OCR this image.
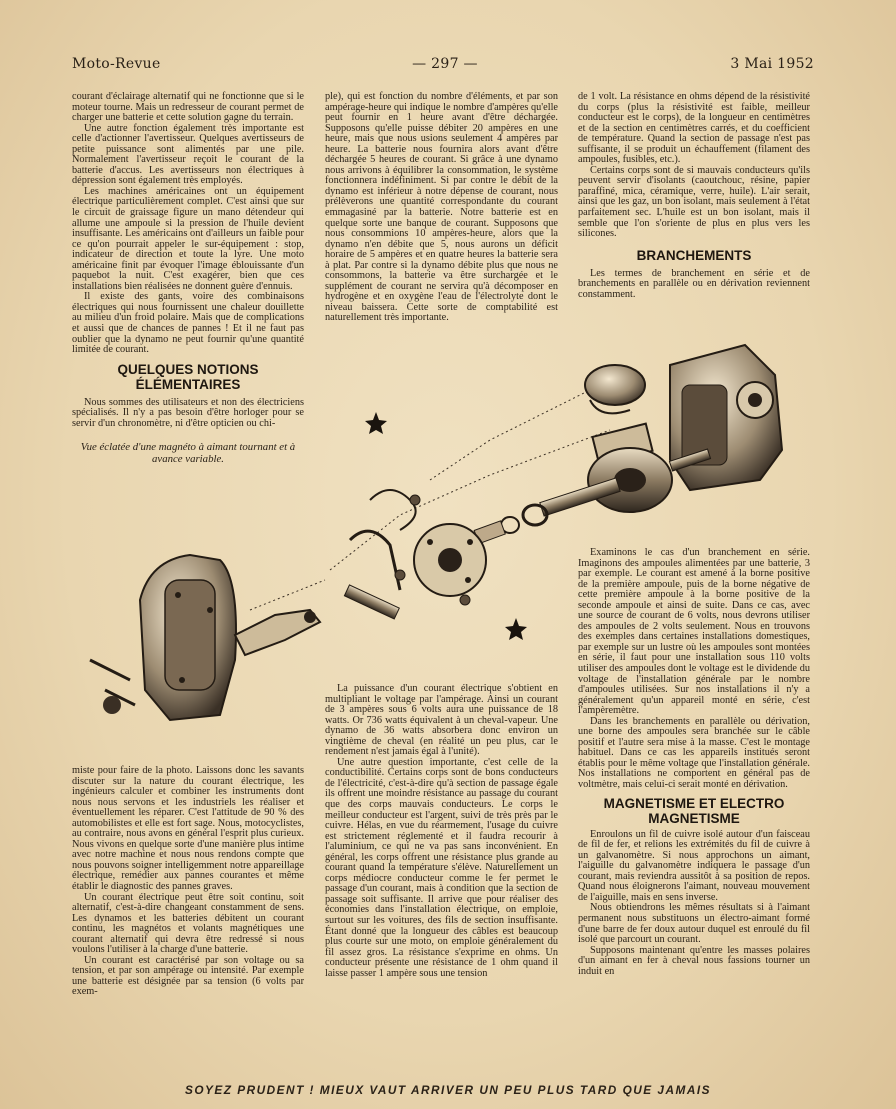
Moto-Revue	— 297 —	3 Mai 1952

courant d'éclairage alternatif qui ne fonctionne que si le moteur tourne. Mais un redresseur de courant permet de charger une batterie et cette solution gagne du terrain.

Une autre fonction également très importante est celle d'actionner l'avertisseur. Quelques avertisseurs de petite puissance sont alimentés par une pile. Normalement l'avertisseur reçoit le courant de la batterie d'accus. Les avertisseurs non électriques à dépression sont également très employés.

Les machines américaines ont un équipement électrique particulièrement complet. C'est ainsi que sur le circuit de graissage figure un mano détendeur qui allume une ampoule si la pression de l'huile devient insuffisante. Les américains ont d'ailleurs un faible pour ce qu'on pourrait appeler le sur-équipement : stop, indicateur de direction et toute la lyre. Une moto américaine finit par évoquer l'image éblouissante d'un paquebot la nuit. C'est exagérer, bien que ces installations bien réalisées ne donnent guère d'ennuis.

Il existe des gants, voire des combinaisons électriques qui nous fournissent une chaleur douillette au milieu d'un froid polaire. Mais que de complications et aussi que de chances de pannes ! Et il ne faut pas oublier que la dynamo ne peut fournir qu'une quantité limitée de courant.

QUELQUES NOTIONS ÉLÉMENTAIRES

Nous sommes des utilisateurs et non des électriciens spécialisés. Il n'y a pas besoin d'être horloger pour se servir d'un chronomètre, ni d'être opticien ou chi-

Vue éclatée d'une magnéto à aimant tournant et à avance variable.

ple), qui est fonction du nombre d'éléments, et par son ampérage-heure qui indique le nombre d'ampères qu'elle peut fournir en 1 heure avant d'être déchargée. Supposons qu'elle puisse débiter 20 ampères en une heure, mais que nous usions seulement 4 ampères par heure. La batterie nous fournira alors avant d'être déchargée 5 heures de courant. Si grâce à une dynamo nous arrivons à équilibrer la consommation, le système fonctionnera indéfiniment. Si par contre le débit de la dynamo est inférieur à notre dépense de courant, nous prélèverons une quantité correspondante du courant emmagasiné par la batterie. Notre batterie est en quelque sorte une banque de courant. Supposons que nous consommions 10 ampères-heure, alors que la dynamo n'en débite que 5, nous aurons un déficit horaire de 5 ampères et en quatre heures la batterie sera à plat. Par contre si la dynamo débite plus que nous ne consommons, la batterie va être surchargée et le supplément de courant ne servira qu'à décomposer en hydrogène et en oxygène l'eau de l'électrolyte dont le niveau baissera. Cette sorte de comptabilité est naturellement très importante.

de 1 volt. La résistance en ohms dépend de la résistivité du corps (plus la résistivité est faible, meilleur conducteur est le corps), de la longueur en centimètres et de la section en centimètres carrés, et du coefficient de température. Quand la section de passage n'est pas suffisante, il se produit un échauffement (filament des ampoules, fusibles, etc.).

Certains corps sont de si mauvais conducteurs qu'ils peuvent servir d'isolants (caoutchouc, résine, papier paraffiné, mica, céramique, verre, huile). L'air serait, ainsi que les gaz, un bon isolant, mais seulement à l'état parfaitement sec. L'huile est un bon isolant, mais il semble que l'on s'oriente de plus en plus vers les silicones.

BRANCHEMENTS

Les termes de branchement en série et de branchements en parallèle ou en dérivation reviennent constamment.

miste pour faire de la photo. Laissons donc les savants discuter sur la nature du courant électrique, les ingénieurs calculer et combiner les instruments dont nous nous servons et les industriels les réaliser et éventuellement les réparer. C'est l'attitude de 90 % des automobilistes et elle est fort sage. Nous, motocyclistes, au contraire, nous avons en général l'esprit plus curieux. Nous vivons en quelque sorte d'une manière plus intime avec notre machine et nous nous rendons compte que nous pouvons soigner intelligemment notre appareillage électrique, remédier aux pannes courantes et même établir le diagnostic des pannes graves.

Un courant électrique peut être soit continu, soit alternatif, c'est-à-dire changeant constamment de sens. Les dynamos et les batteries débitent un courant continu, les magnétos et volants magnétiques une courant alternatif qui devra être redressé si nous voulons l'utiliser à la charge d'une batterie.

Un courant est caractérisé par son voltage ou sa tension, et par son ampérage ou intensité. Par exemple une batterie est désignée par sa tension (6 volts par exem-

La puissance d'un courant électrique s'obtient en multipliant le voltage par l'ampérage. Ainsi un courant de 3 ampères sous 6 volts aura une puissance de 18 watts. Or 736 watts équivalent à un cheval-vapeur. Une dynamo de 36 watts absorbera donc environ un vingtième de cheval (en réalité un peu plus, car le rendement n'est jamais égal à l'unité).

Une autre question importante, c'est celle de la conductibilité. Certains corps sont de bons conducteurs de l'électricité, c'est-à-dire qu'à section de passage égale ils offrent une moindre résistance au passage du courant que des corps mauvais conducteurs. Le corps le meilleur conducteur est l'argent, suivi de très près par le cuivre. Hélas, en vue du réarmement, l'usage du cuivre est strictement réglementé et il faudra recourir à l'aluminium, ce qui ne va pas sans inconvénient. En général, les corps offrent une résistance plus grande au courant quand la température s'élève. Naturellement un corps médiocre conducteur comme le fer permet le passage d'un courant, mais à condition que la section de passage soit suffisante. Il arrive que pour réaliser des économies dans l'installation électrique, on emploie, surtout sur les voitures, des fils de section insuffisante. Étant donné que la longueur des câbles est beaucoup plus courte sur une moto, on emploie généralement du fil assez gros. La résistance s'exprime en ohms. Un conducteur présente une résistance de 1 ohm quand il laisse passer 1 ampère sous une tension

Examinons le cas d'un branchement en série. Imaginons des ampoules alimentées par une batterie, 3 par exemple. Le courant est amené à la borne positive de la première ampoule, puis de la borne négative de cette première ampoule à la borne positive de la seconde ampoule et ainsi de suite. Dans ce cas, avec une source de courant de 6 volts, nous devrons utiliser des ampoules de 2 volts seulement. Nous en trouvons des exemples dans certaines installations domestiques, par exemple sur un lustre où les ampoules sont montées en série, il faut pour une installation sous 110 volts utiliser des ampoules dont le voltage est le dividende du voltage de l'installation générale par le nombre d'ampoules utilisées. Sur nos installations il n'y a généralement qu'un appareil monté en série, c'est l'ampèremètre.

Dans les branchements en parallèle ou dérivation, une borne des ampoules sera branchée sur le câble positif et l'autre sera mise à la masse. C'est le montage habituel. Dans ce cas les appareils institués seront établis pour le même voltage que l'installation générale. Nos installations ne comportent en général pas de voltmètre, mais celui-ci serait monté en dérivation.

MAGNETISME ET ELECTRO MAGNETISME

Enroulons un fil de cuivre isolé autour d'un faisceau de fil de fer, et relions les extrémités du fil de cuivre à un galvanomètre. Si nous approchons un aimant, l'aiguille du galvanomètre indiquera le passage d'un courant, mais reviendra aussitôt à sa position de repos. Quand nous éloignerons l'aimant, nouveau mouvement de l'aiguille, mais en sens inverse.

Nous obtiendrons les mêmes résultats si à l'aimant permanent nous substituons un électro-aimant formé d'une barre de fer doux autour duquel est enroulé du fil isolé que parcourt un courant.

Supposons maintenant qu'entre les masses polaires d'un aimant en fer à cheval nous fassions tourner un induit en

SOYEZ PRUDENT ! MIEUX VAUT ARRIVER UN PEU PLUS TARD QUE JAMAIS
